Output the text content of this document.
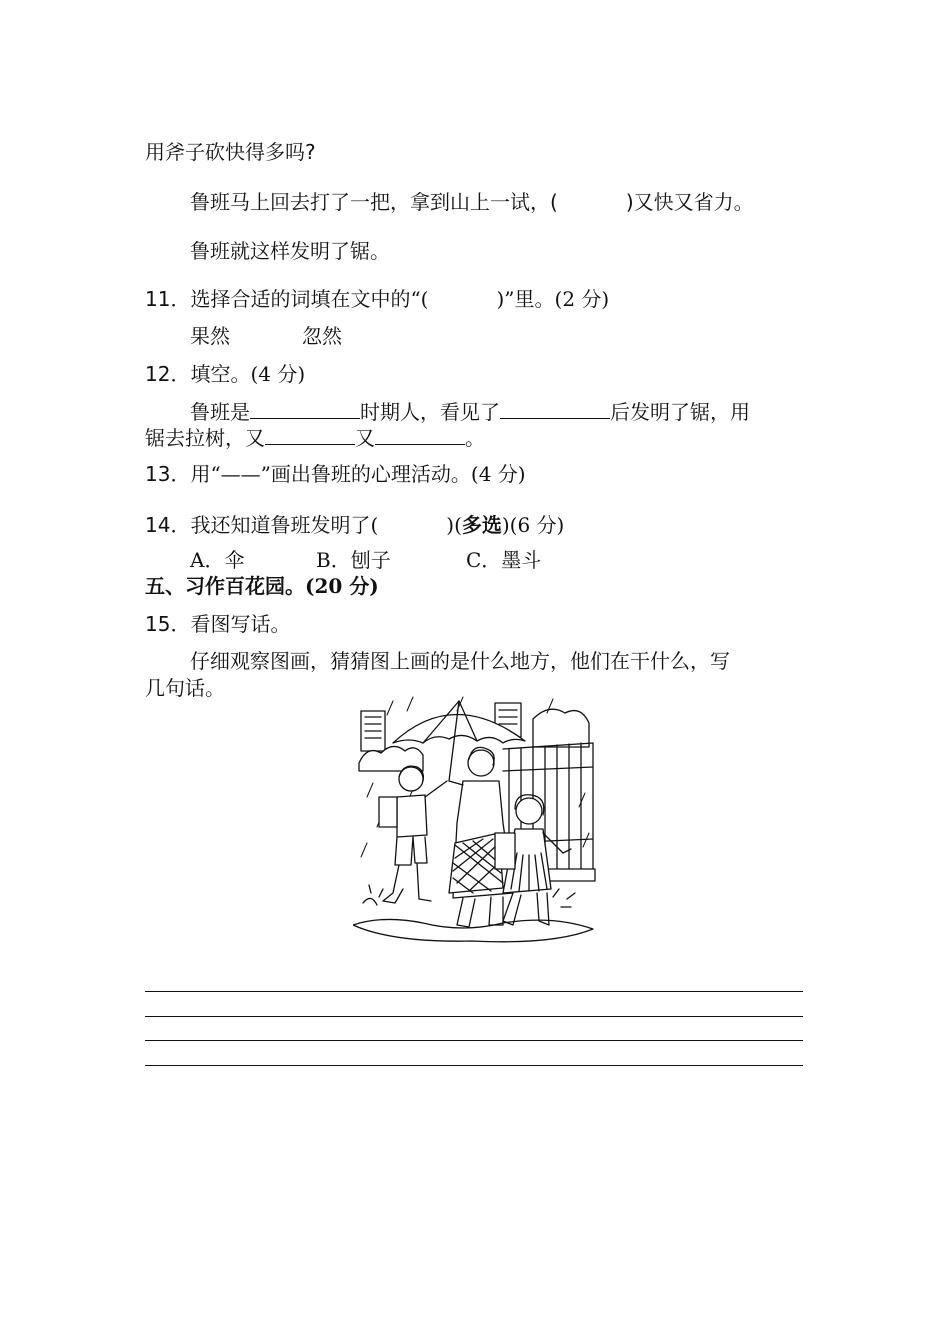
用斧子砍快得多吗?
鲁班马上回去打了一把，拿到山上一试，(	)又快又省力。
鲁班就这样发明了锯。
11．选择合适的词填在文中的“(	)”里。(2 分)
果然	忽然
12．填空。(4 分)
鲁班是	时期人，看见了	后发明了锯，用
锯去拉树，又	又	。
13．用“——”画出鲁班的心理活动。(4 分)
14．我还知道鲁班发明了(	)(多选)(6 分)
A．伞	B．刨子	C．墨斗
五、习作百花园。(20 分)
15．看图写话。
仔细观察图画，猜猜图上画的是什么地方，他们在干什么，写
几句话。
